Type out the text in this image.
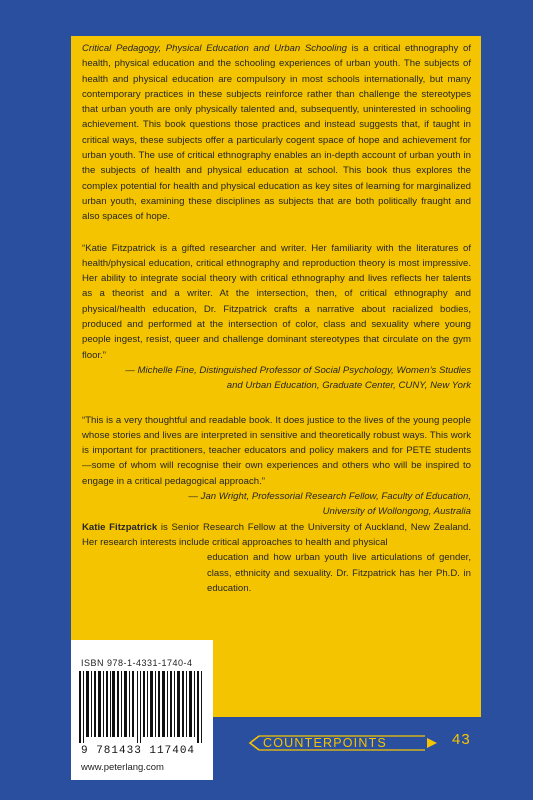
Critical Pedagogy, Physical Education and Urban Schooling is a critical ethnography of health, physical education and the schooling experiences of urban youth. The subjects of health and physical education are compulsory in most schools internationally, but many contemporary practices in these subjects reinforce rather than challenge the stereotypes that urban youth are only physically talented and, subsequently, uninterested in schooling achievement. This book questions those practices and instead suggests that, if taught in critical ways, these subjects offer a particularly cogent space of hope and achievement for urban youth. The use of critical ethnography enables an in-depth account of urban youth in the subjects of health and physical education at school. This book thus explores the complex potential for health and physical education as key sites of learning for marginalized urban youth, examining these disciplines as subjects that are both politically fraught and also spaces of hope.

“Katie Fitzpatrick is a gifted researcher and writer. Her familiarity with the literatures of health/physical education, critical ethnography and reproduction theory is most impressive. Her ability to integrate social theory with critical ethnography and lives reflects her talents as a theorist and a writer. At the intersection, then, of critical ethnography and physical/health education, Dr. Fitzpatrick crafts a narrative about racialized bodies, produced and performed at the intersection of color, class and sexuality where young people ingest, resist, queer and challenge dominant stereotypes that circulate on the gym floor.”

— Michelle Fine, Distinguished Professor of Social Psychology, Women’s Studies
and Urban Education, Graduate Center, CUNY, New York

“This is a very thoughtful and readable book. It does justice to the lives of the young people whose stories and lives are interpreted in sensitive and theoretically robust ways. This work is important for practitioners, teacher educators and policy makers and for PETE students—some of whom will recognise their own experiences and others who will be inspired to engage in a critical pedagogical approach.”

— Jan Wright, Professorial Research Fellow, Faculty of Education,
University of Wollongong, Australia

Katie Fitzpatrick is Senior Research Fellow at the University of Auckland, New Zealand. Her research interests include critical approaches to health and physical

education and how urban youth live articulations of gender, class, ethnicity and sexuality. Dr. Fitzpatrick has her Ph.D. in education.

ISBN 978-1-4331-1740-4
9 781433 117404
www.peterlang.com
COUNTERPOINTS	43
